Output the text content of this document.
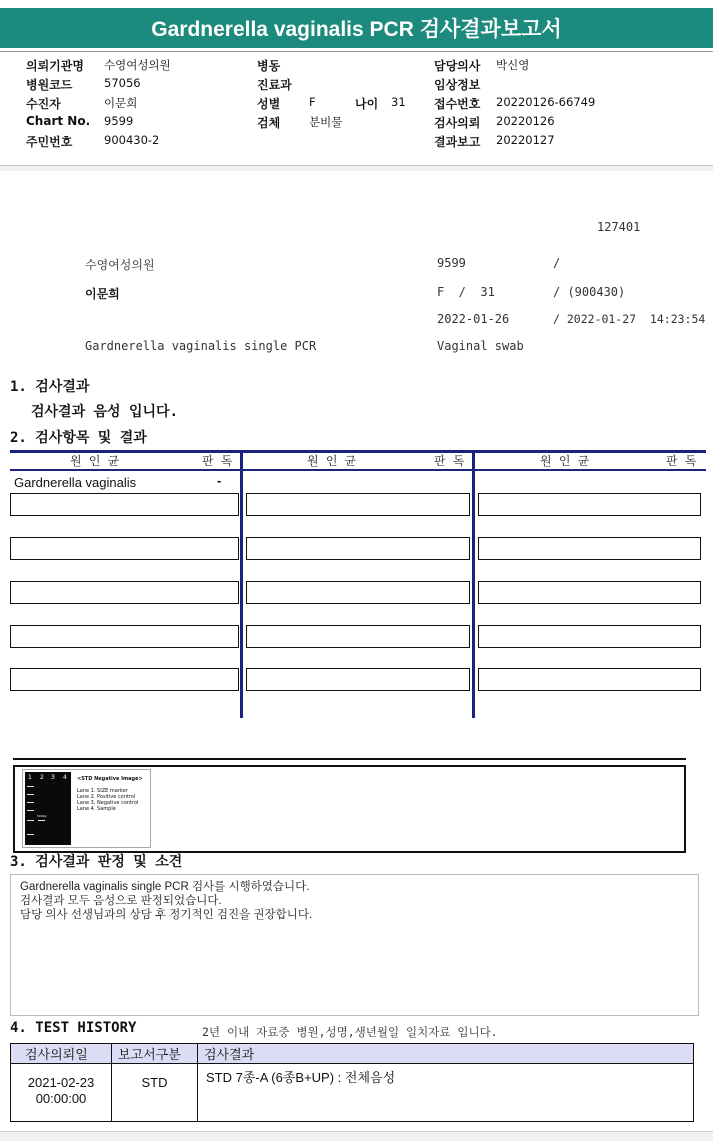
Gardnerella vaginalis PCR 검사결과보고서
의뢰기관명	수영여성의원
병원코드	57056
수진자	이문희
Chart No.	9599
주민번호	900430-2
병동
진료과
성별	F	나이	31
검체	분비물
담당의사	박신영
임상정보
접수번호	20220126-66749
검사의뢰	20220126
결과보고	20220127
127401
수영여성의원	9599	/
이문희	F  /  31	/ (900430)
2022-01-26	/ 2022-01-27  14:23:54
Gardnerella vaginalis single PCR	Vaginal swab
1. 검사결과
검사결과 음성 입니다.
2. 검사항목 및 결과
원 인 균	판 독	원 인 균	판 독	원 인 균	판 독
Gardnerella vaginalis	-
1 2 3 4
500bp
<STD Negative Image>
Lane 1. SIZE marker
Lane 2. Positive control
Lane 3. Negative control
Lane 4. Sample
3. 검사결과 판정 및 소견
Gardnerella vaginalis single PCR 검사를 시행하였습니다.
검사결과 모두 음성으로 판정되었습니다.
담당 의사 선생님과의 상담 후 정기적인 검진을 권장합니다.
4. TEST HISTORY	2년 이내 자료중 병원,성명,생년월일 일치자료 입니다.
검사의뢰일	보고서구분	검사결과

2021-02-23
00:00:00	STD	STD 7종-A (6종B+UP) : 전체음성
